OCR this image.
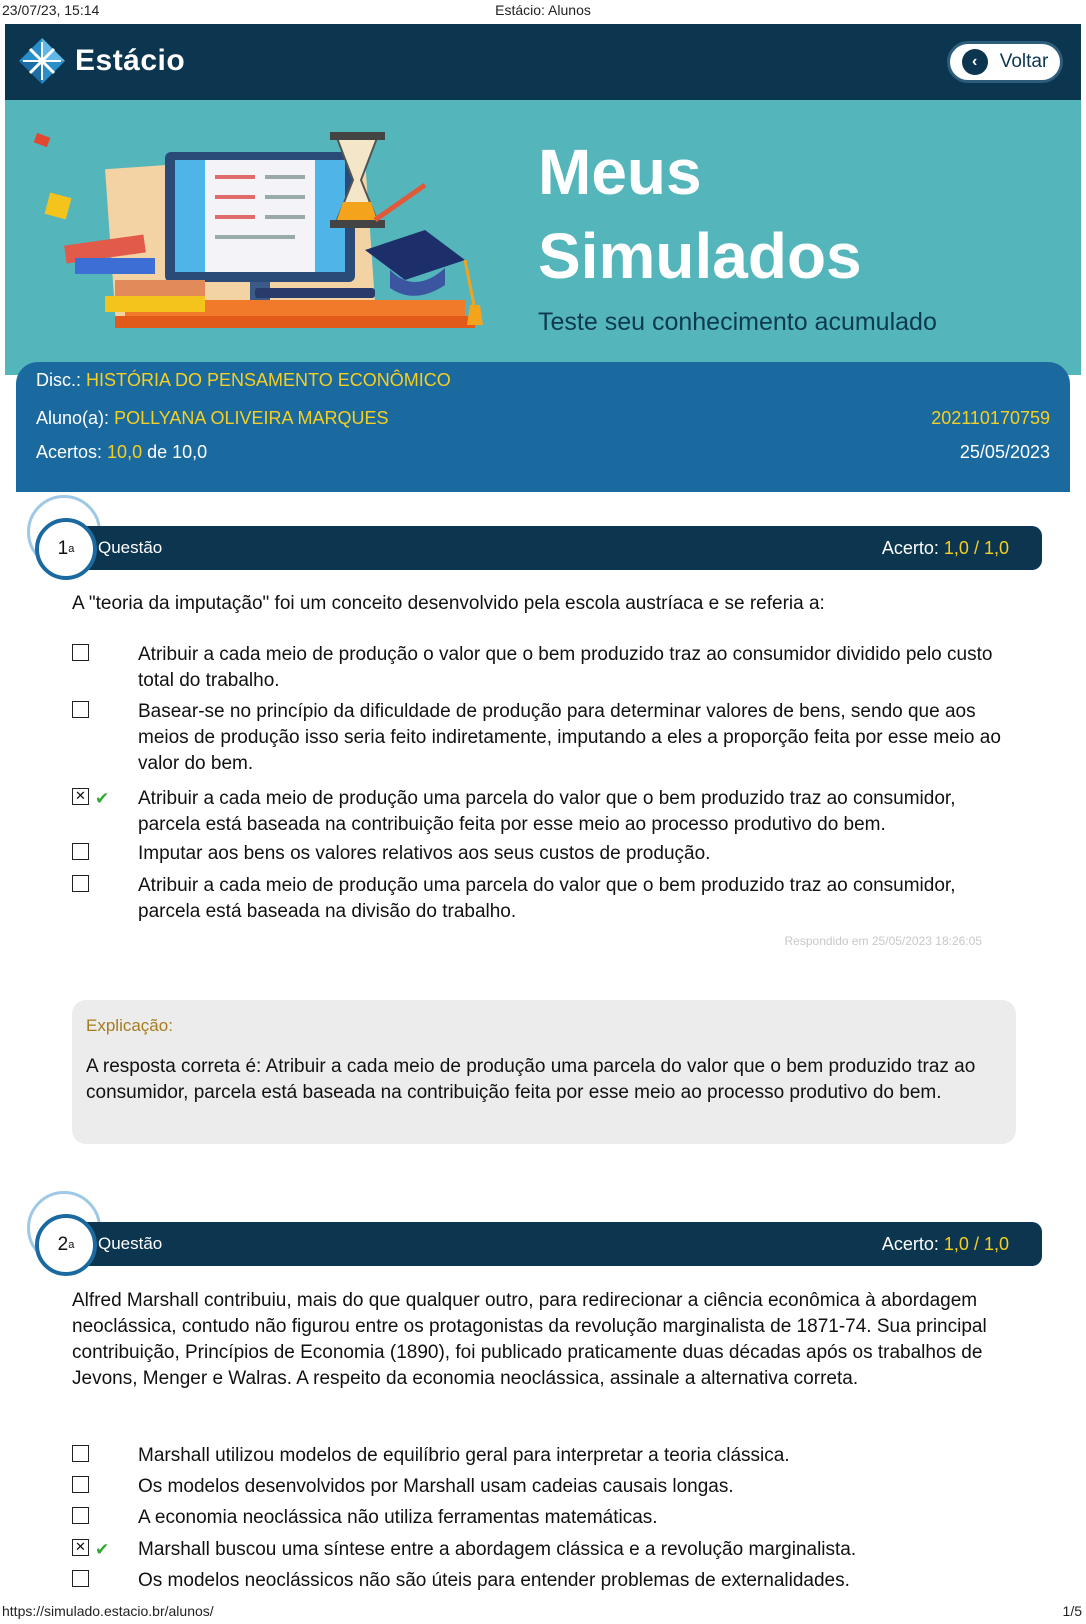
23/07/23, 15:14	Estácio: Alunos
Estácio	‹	Voltar
Meus
Simulados
Teste seu conhecimento acumulado
Disc.: HISTÓRIA DO PENSAMENTO ECONÔMICO
Aluno(a): POLLYANA OLIVEIRA MARQUES	202110170759
Acertos: 10,0 de 10,0	25/05/2023
Questão	Acerto: 1,0 / 1,0
1 a
A "teoria da imputação" foi um conceito desenvolvido pela escola austríaca e se referia a:
Atribuir a cada meio de produção o valor que o bem produzido traz ao consumidor dividido pelo custo total do trabalho.
Basear-se no princípio da dificuldade de produção para determinar valores de bens, sendo que aos meios de produção isso seria feito indiretamente, imputando a eles a proporção feita por esse meio ao valor do bem.
✕ ✔ Atribuir a cada meio de produção uma parcela do valor que o bem produzido traz ao consumidor, parcela está baseada na contribuição feita por esse meio ao processo produtivo do bem.
Imputar aos bens os valores relativos aos seus custos de produção.
Atribuir a cada meio de produção uma parcela do valor que o bem produzido traz ao consumidor, parcela está baseada na divisão do trabalho.
Respondido em 25/05/2023 18:26:05
Explicação:
A resposta correta é: Atribuir a cada meio de produção uma parcela do valor que o bem produzido traz ao consumidor, parcela está baseada na contribuição feita por esse meio ao processo produtivo do bem.
Questão	Acerto: 1,0 / 1,0
2 a
Alfred Marshall contribuiu, mais do que qualquer outro, para redirecionar a ciência econômica à abordagem neoclássica, contudo não figurou entre os protagonistas da revolução marginalista de 1871-74. Sua principal contribuição, Princípios de Economia (1890), foi publicado praticamente duas décadas após os trabalhos de Jevons, Menger e Walras. A respeito da economia neoclássica, assinale a alternativa correta.
Marshall utilizou modelos de equilíbrio geral para interpretar a teoria clássica.
Os modelos desenvolvidos por Marshall usam cadeias causais longas.
A economia neoclássica não utiliza ferramentas matemáticas.
✕ ✔ Marshall buscou uma síntese entre a abordagem clássica e a revolução marginalista.
Os modelos neoclássicos não são úteis para entender problemas de externalidades.
https://simulado.estacio.br/alunos/	1/5
